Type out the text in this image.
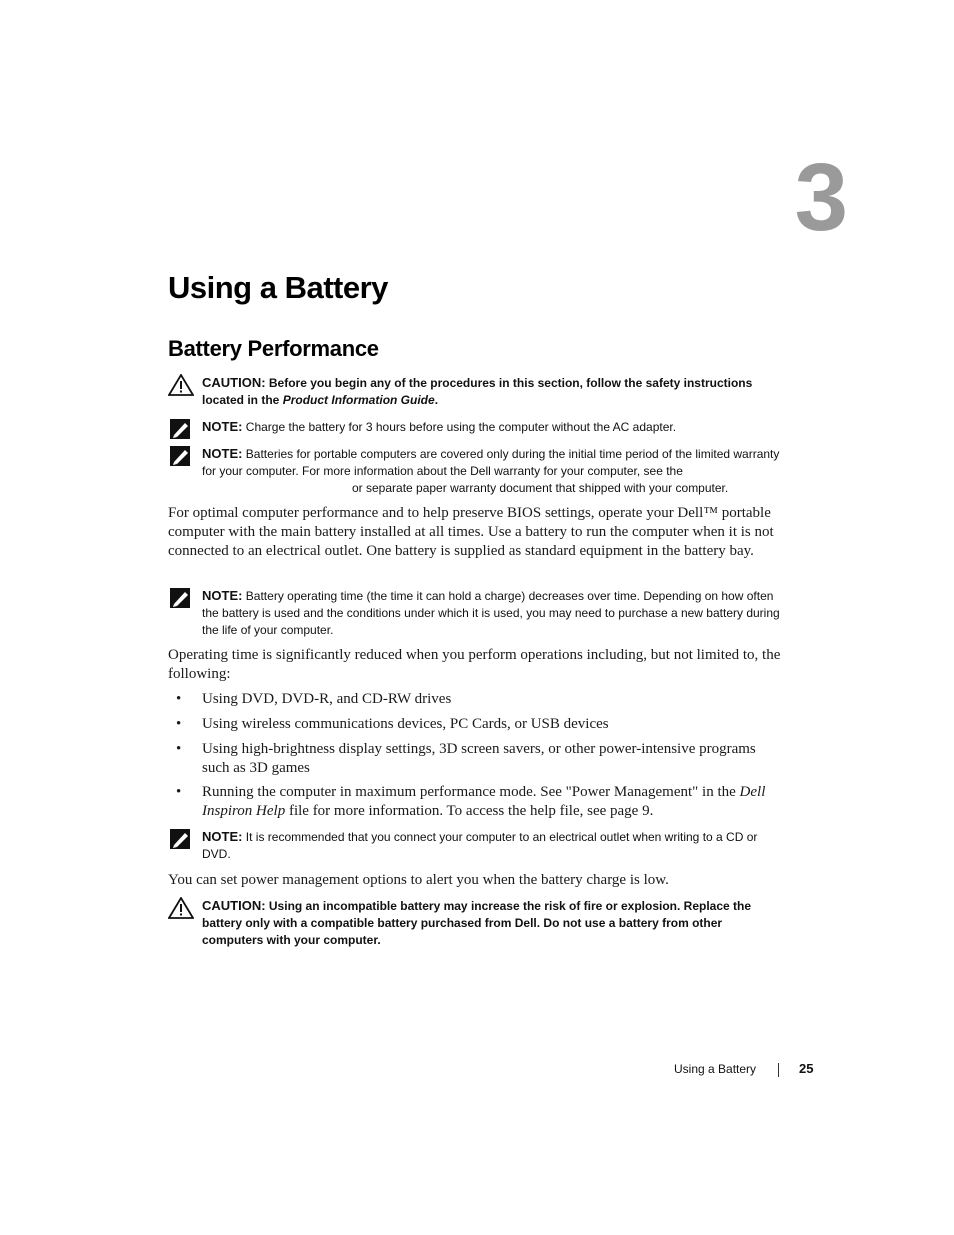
3
Using a Battery
Battery Performance
CAUTION: Before you begin any of the procedures in this section, follow the safety instructions located in the Product Information Guide.
NOTE: Charge the battery for 3 hours before using the computer without the AC adapter.
NOTE: Batteries for portable computers are covered only during the initial time period of the limited warranty for your computer. For more information about the Dell warranty for your computer, see the
or separate paper warranty document that shipped with your computer.

For optimal computer performance and to help preserve BIOS settings, operate your Dell™ portable computer with the main battery installed at all times. Use a battery to run the computer when it is not connected to an electrical outlet. One battery is supplied as standard equipment in the battery bay.

NOTE: Battery operating time (the time it can hold a charge) decreases over time. Depending on how often the battery is used and the conditions under which it is used, you may need to purchase a new battery during the life of your computer.

Operating time is significantly reduced when you perform operations including, but not limited to, the following:

• Using DVD, DVD-R, and CD-RW drives
• Using wireless communications devices, PC Cards, or USB devices
• Using high-brightness display settings, 3D screen savers, or other power-intensive programs such as 3D games
• Running the computer in maximum performance mode. See "Power Management" in the Dell Inspiron Help file for more information. To access the help file, see page 9.
NOTE: It is recommended that you connect your computer to an electrical outlet when writing to a CD or DVD.

You can set power management options to alert you when the battery charge is low.

CAUTION: Using an incompatible battery may increase the risk of fire or explosion. Replace the battery only with a compatible battery purchased from Dell. Do not use a battery from other computers with your computer.
Using a Battery	25
